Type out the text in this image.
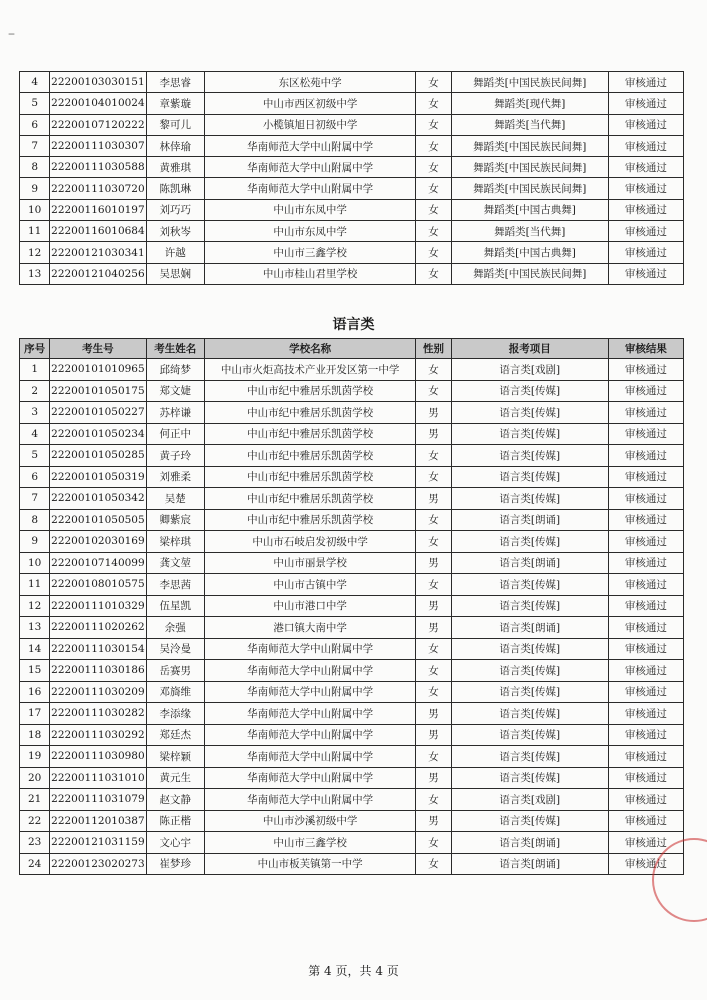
–
4	22200103030151	李思睿	东区松苑中学	女	舞蹈类[中国民族民间舞]	审核通过
5	22200104010024	章紫璇	中山市西区初级中学	女	舞蹈类[现代舞]	审核通过
6	22200107120222	黎可儿	小榄镇旭日初级中学	女	舞蹈类[当代舞]	审核通过
7	22200111030307	林倖瑜	华南师范大学中山附属中学	女	舞蹈类[中国民族民间舞]	审核通过
8	22200111030588	黄雅琪	华南师范大学中山附属中学	女	舞蹈类[中国民族民间舞]	审核通过
9	22200111030720	陈凯琳	华南师范大学中山附属中学	女	舞蹈类[中国民族民间舞]	审核通过
10	22200116010197	刘巧巧	中山市东凤中学	女	舞蹈类[中国古典舞]	审核通过
11	22200116010684	刘秋岑	中山市东凤中学	女	舞蹈类[当代舞]	审核通过
12	22200121030341	许越	中山市三鑫学校	女	舞蹈类[中国古典舞]	审核通过
13	22200121040256	吴思娴	中山市桂山君里学校	女	舞蹈类[中国民族民间舞]	审核通过
语言类
序号	考生号	考生姓名	学校名称	性别	报考项目	审核结果
1	22200101010965	邱绮梦	中山市火炬高技术产业开发区第一中学	女	语言类[戏剧]	审核通过
2	22200101050175	郑文婕	中山市纪中雅居乐凯茵学校	女	语言类[传媒]	审核通过
3	22200101050227	苏梓谦	中山市纪中雅居乐凯茵学校	男	语言类[传媒]	审核通过
4	22200101050234	何正中	中山市纪中雅居乐凯茵学校	男	语言类[传媒]	审核通过
5	22200101050285	黄子玲	中山市纪中雅居乐凯茵学校	女	语言类[传媒]	审核通过
6	22200101050319	刘雅柔	中山市纪中雅居乐凯茵学校	女	语言类[传媒]	审核通过
7	22200101050342	吴楚	中山市纪中雅居乐凯茵学校	男	语言类[传媒]	审核通过
8	22200101050505	卿紫宸	中山市纪中雅居乐凯茵学校	女	语言类[朗诵]	审核通过
9	22200102030169	梁梓琪	中山市石岐启发初级中学	女	语言类[传媒]	审核通过
10	22200107140099	龚文堃	中山市丽景学校	男	语言类[朗诵]	审核通过
11	22200108010575	李思茜	中山市古镇中学	女	语言类[传媒]	审核通过
12	22200111010329	伍星凯	中山市港口中学	男	语言类[传媒]	审核通过
13	22200111020262	余强	港口镇大南中学	男	语言类[朗诵]	审核通过
14	22200111030154	吴泠曼	华南师范大学中山附属中学	女	语言类[传媒]	审核通过
15	22200111030186	岳赛男	华南师范大学中山附属中学	女	语言类[传媒]	审核通过
16	22200111030209	邓旖维	华南师范大学中山附属中学	女	语言类[传媒]	审核通过
17	22200111030282	李添缘	华南师范大学中山附属中学	男	语言类[传媒]	审核通过
18	22200111030292	郑廷杰	华南师范大学中山附属中学	男	语言类[传媒]	审核通过
19	22200111030980	梁梓颖	华南师范大学中山附属中学	女	语言类[传媒]	审核通过
20	22200111031010	黄元生	华南师范大学中山附属中学	男	语言类[传媒]	审核通过
21	22200111031079	赵文静	华南师范大学中山附属中学	女	语言类[戏剧]	审核通过
22	22200112010387	陈正楷	中山市沙溪初级中学	男	语言类[传媒]	审核通过
23	22200121031159	文心宇	中山市三鑫学校	女	语言类[朗诵]	审核通过
24	22200123020273	崔梦珍	中山市板芙镇第一中学	女	语言类[朗诵]	审核通过
第 4 页，共 4 页
